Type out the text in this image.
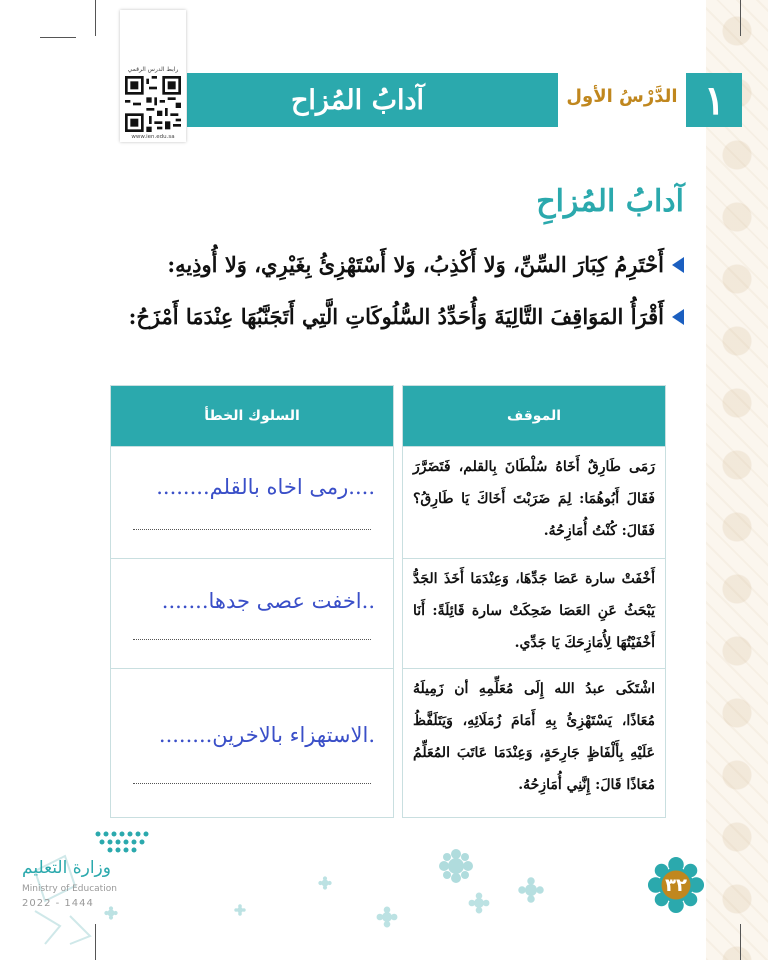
آدابُ المُزاح	الدَّرْسُ الأول ١
رابط الدرس الرقمي
www.ien.edu.sa
آدابُ المُزاحِ
أَحْتَرِمُ كِبَارَ السِّنِّ، وَلا أَكْذِبُ، وَلا أَسْتَهْزِئُ بِغَيْرِي، وَلا أُوذِيهِ:
أَقْرَأُ المَوَاقِفَ التَّالِيَةَ وَأُحَدِّدُ السُّلُوكَاتِ الَّتِي أَتَجَنَّبُهَا عِنْدَمَا أَمْزَحُ:
الموقف
رَمَى طَارِقٌ أَخَاهُ سُلْطَانَ بِالقلم، فَتَضَرَّرَ فَقَالَ أَبُوهُمَا: لِمَ ضَرَبْتَ أَخَاكَ يَا طَارِقُ؟ فَقَالَ: كُنْتُ أُمَازِحُهُ.
أَخْفَتْ سارة عَصَا جَدِّهَا، وَعِنْدَمَا أَخَذَ الجَدُّ يَبْحَثُ عَنِ العَصَا ضَحِكَتْ سارة قَائِلَةً: أَنَا أَخْفَيْتُهَا لِأُمَازِحَكَ يَا جَدِّي.
اشْتَكَى عبدُ الله إِلَى مُعَلِّمِهِ أن زَمِيلَهُ مُعَاذًا، يَسْتَهْزِئُ بِهِ أَمَامَ زُمَلَائِهِ، وَيَتَلَفَّظُ عَلَيْهِ بِأَلْفَاظٍ جَارِحَةٍ، وَعِنْدَمَا عَاتَبَ المُعَلِّمُ مُعَاذًا قَالَ: إِنَّنِي أُمَازِحُهُ.
السلوك الخطأ
....رمى اخاه بالقلم........
..اخفت عصى جدها.......
.الاستهزاء بالاخرين........
وزارة التعليم
Ministry of Education
2022 - 1444
٣٢
